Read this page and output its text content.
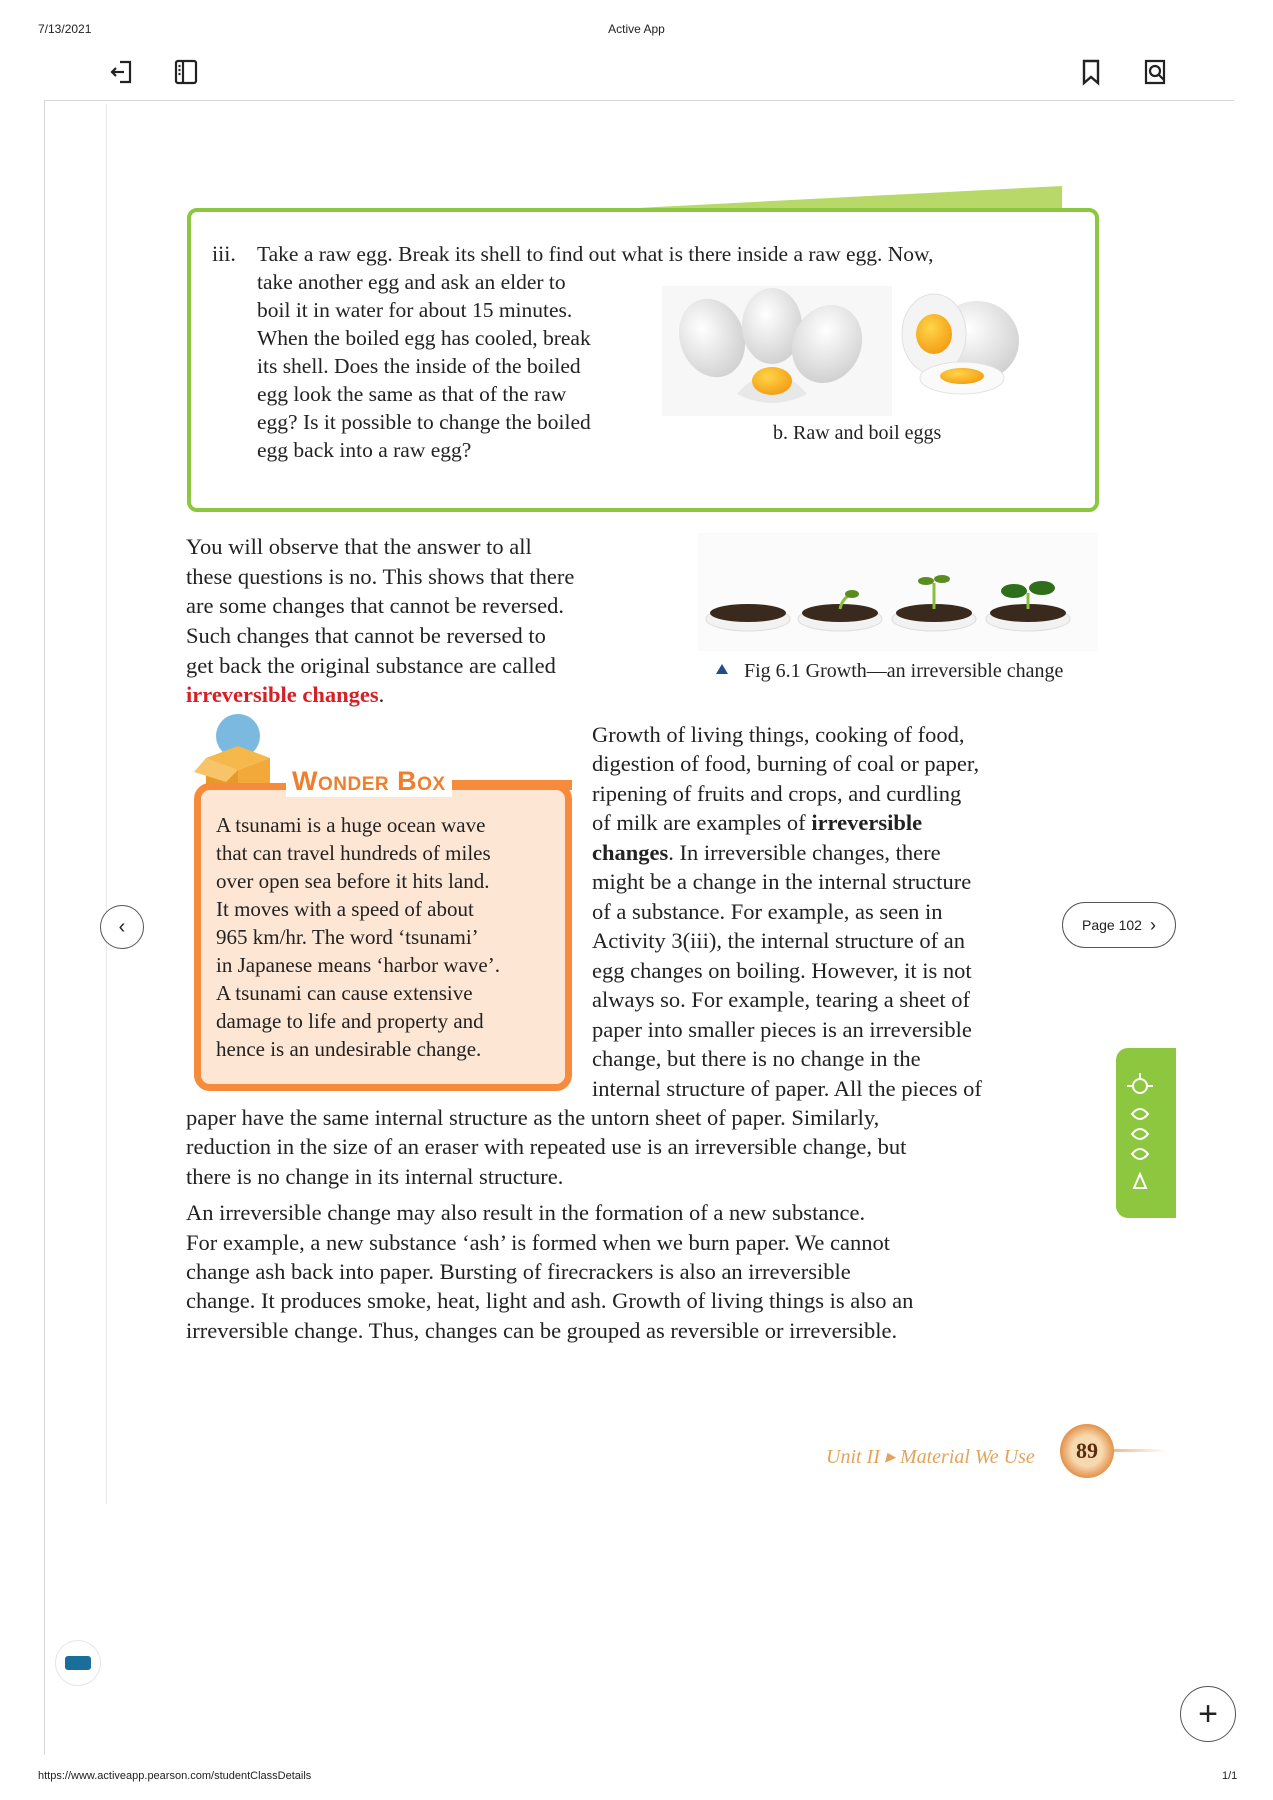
7/13/2021	Active App
https://www.activeapp.pearson.com/studentClassDetails	1/1
iii. Take a raw egg. Break its shell to find out what is there inside a raw egg. Now,
take another egg and ask an elder to
boil it in water for about 15 minutes.
When the boiled egg has cooled, break
its shell. Does the inside of the boiled
egg look the same as that of the raw
egg? Is it possible to change the boiled
egg back into a raw egg?
b. Raw and boil eggs
You will observe that the answer to all
these questions is no. This shows that there
are some changes that cannot be reversed.
Such changes that cannot be reversed to
get back the original substance are called
irreversible changes.
Fig 6.1 Growth—an irreversible change
Wonder Box
A tsunami is a huge ocean wave
that can travel hundreds of miles
over open sea before it hits land.
It moves with a speed of about
965 km/hr. The word ‘tsunami’
in Japanese means ‘harbor wave’.
A tsunami can cause extensive
damage to life and property and
hence is an undesirable change.
Growth of living things, cooking of food,
digestion of food, burning of coal or paper,
ripening of fruits and crops, and curdling
of milk are examples of irreversible
changes. In irreversible changes, there
might be a change in the internal structure
of a substance. For example, as seen in
Activity 3(iii), the internal structure of an
egg changes on boiling. However, it is not
always so. For example, tearing a sheet of
paper into smaller pieces is an irreversible
change, but there is no change in the
internal structure of paper. All the pieces of
paper have the same internal structure as the untorn sheet of paper. Similarly,
reduction in the size of an eraser with repeated use is an irreversible change, but
there is no change in its internal structure.
An irreversible change may also result in the formation of a new substance.
For example, a new substance ‘ash’ is formed when we burn paper. We cannot
change ash back into paper. Bursting of firecrackers is also an irreversible
change. It produces smoke, heat, light and ash. Growth of living things is also an
irreversible change. Thus, changes can be grouped as reversible or irreversible.
Unit II ▸ Material We Use	89
‹	Page 102 ›
+
